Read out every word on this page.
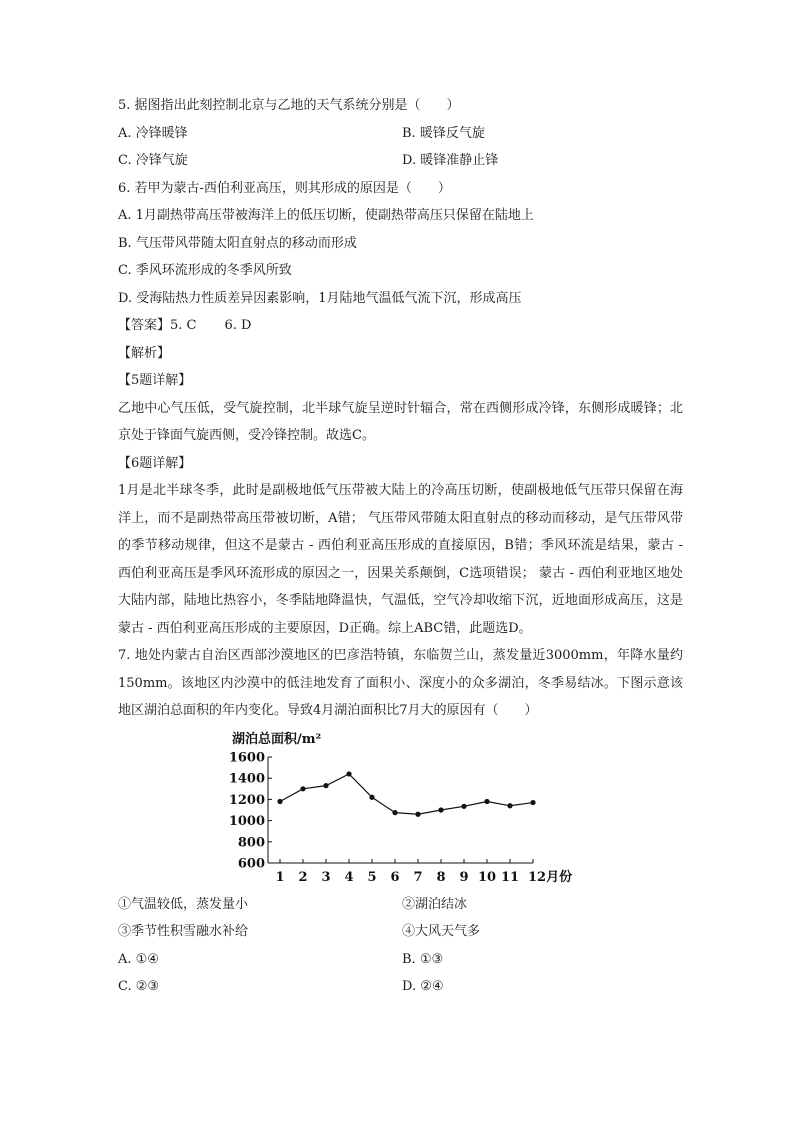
5. 据图指出此刻控制北京与乙地的天气系统分别是（　　）
A. 冷锋暖锋	B. 暖锋反气旋
C. 冷锋气旋	D. 暖锋准静止锋
6. 若甲为蒙古-西伯利亚高压，则其形成的原因是（　　）
A. 1月副热带高压带被海洋上的低压切断，使副热带高压只保留在陆地上
B. 气压带风带随太阳直射点的移动而形成
C. 季风环流形成的冬季风所致
D. 受海陆热力性质差异因素影响，1月陆地气温低气流下沉，形成高压
【答案】5. C 6. D
【解析】
【5题详解】
乙地中心气压低，受气旋控制，北半球气旋呈逆时针辐合，常在西侧形成冷锋，东侧形成暖锋；北京处于锋面气旋西侧，受冷锋控制。故选C。
【6题详解】
1月是北半球冬季，此时是副极地低气压带被大陆上的冷高压切断，使副极地低气压带只保留在海洋上，而不是副热带高压带被切断，A错； 气压带风带随太阳直射点的移动而移动，是气压带风带的季节移动规律，但这不是蒙古 - 西伯利亚高压形成的直接原因，B错；季风环流是结果，蒙古 - 西伯利亚高压是季风环流形成的原因之一，因果关系颠倒，C选项错误； 蒙古 - 西伯利亚地区地处大陆内部，陆地比热容小，冬季陆地降温快，气温低，空气冷却收缩下沉，近地面形成高压，这是蒙古 - 西伯利亚高压形成的主要原因，D正确。综上ABC错，此题选D。
7. 地处内蒙古自治区西部沙漠地区的巴彦浩特镇，东临贺兰山，蒸发量近3000mm，年降水量约150mm。该地区内沙漠中的低洼地发育了面积小、深度小的众多湖泊，冬季易结冰。下图示意该地区湖泊总面积的年内变化。导致4月湖泊面积比7月大的原因有（　　）
湖泊总面积/m²
1600
1400
1200
1000
800
600
1 2 3 4 5 6 7 8 9 10 11 12月份
①气温较低，蒸发量小	②湖泊结冰
③季节性积雪融水补给	④大风天气多
A. ①④	B. ①③
C. ②③	D. ②④
